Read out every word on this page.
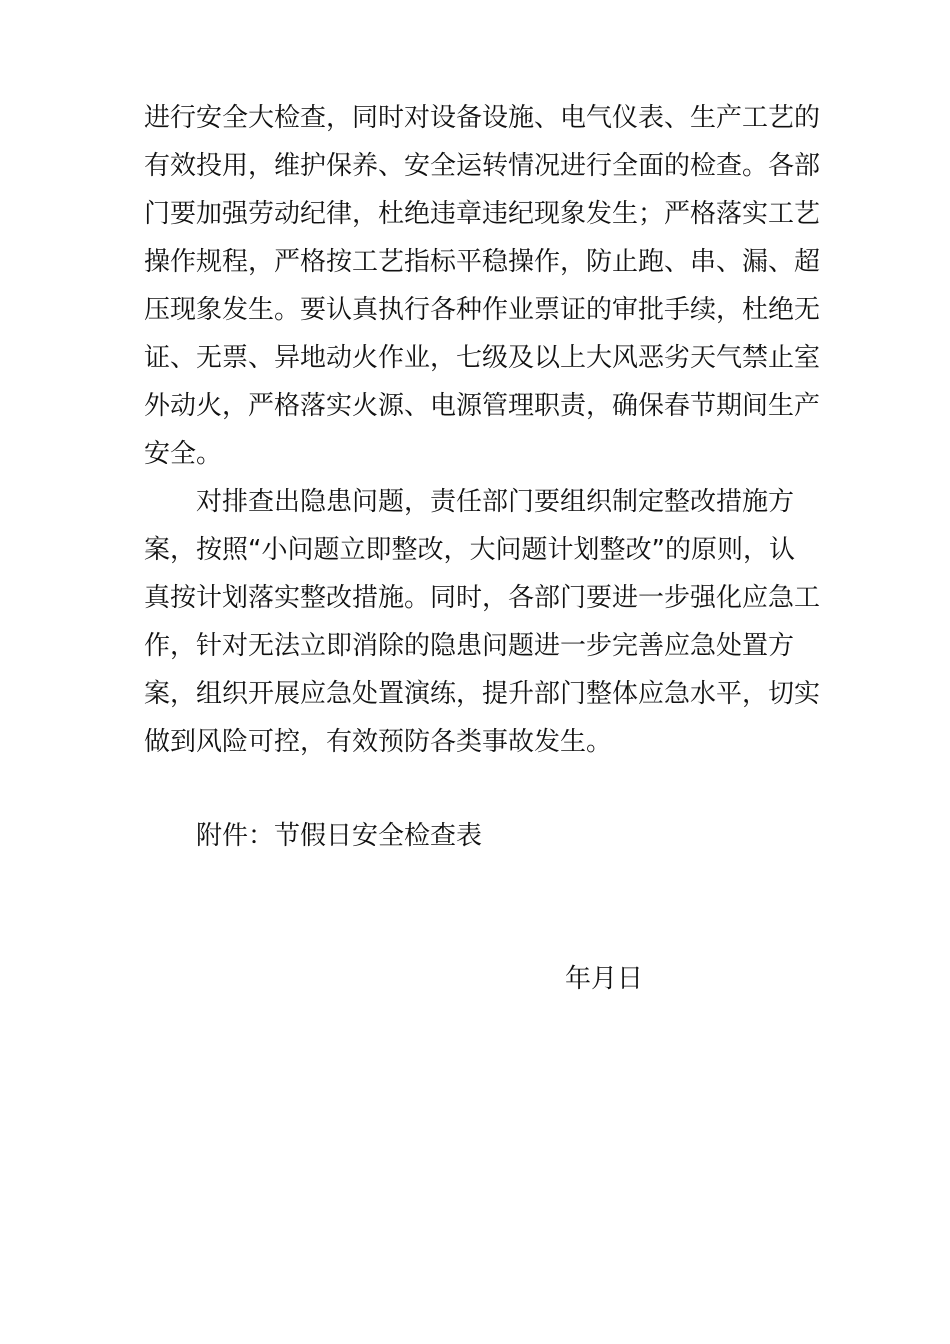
进行安全大检查，同时对设备设施、电气仪表、生产工艺的
有效投用，维护保养、安全运转情况进行全面的检查。各部
门要加强劳动纪律，杜绝违章违纪现象发生；严格落实工艺
操作规程，严格按工艺指标平稳操作，防止跑、串、漏、超
压现象发生。要认真执行各种作业票证的审批手续，杜绝无
证、无票、异地动火作业，七级及以上大风恶劣天气禁止室
外动火，严格落实火源、电源管理职责，确保春节期间生产
安全。
对排查出隐患问题，责任部门要组织制定整改措施方
案，按照“小问题立即整改，大问题计划整改”的原则，认
真按计划落实整改措施。同时，各部门要进一步强化应急工
作，针对无法立即消除的隐患问题进一步完善应急处置方
案，组织开展应急处置演练，提升部门整体应急水平，切实
做到风险可控，有效预防各类事故发生。
附件：节假日安全检查表
年月日
